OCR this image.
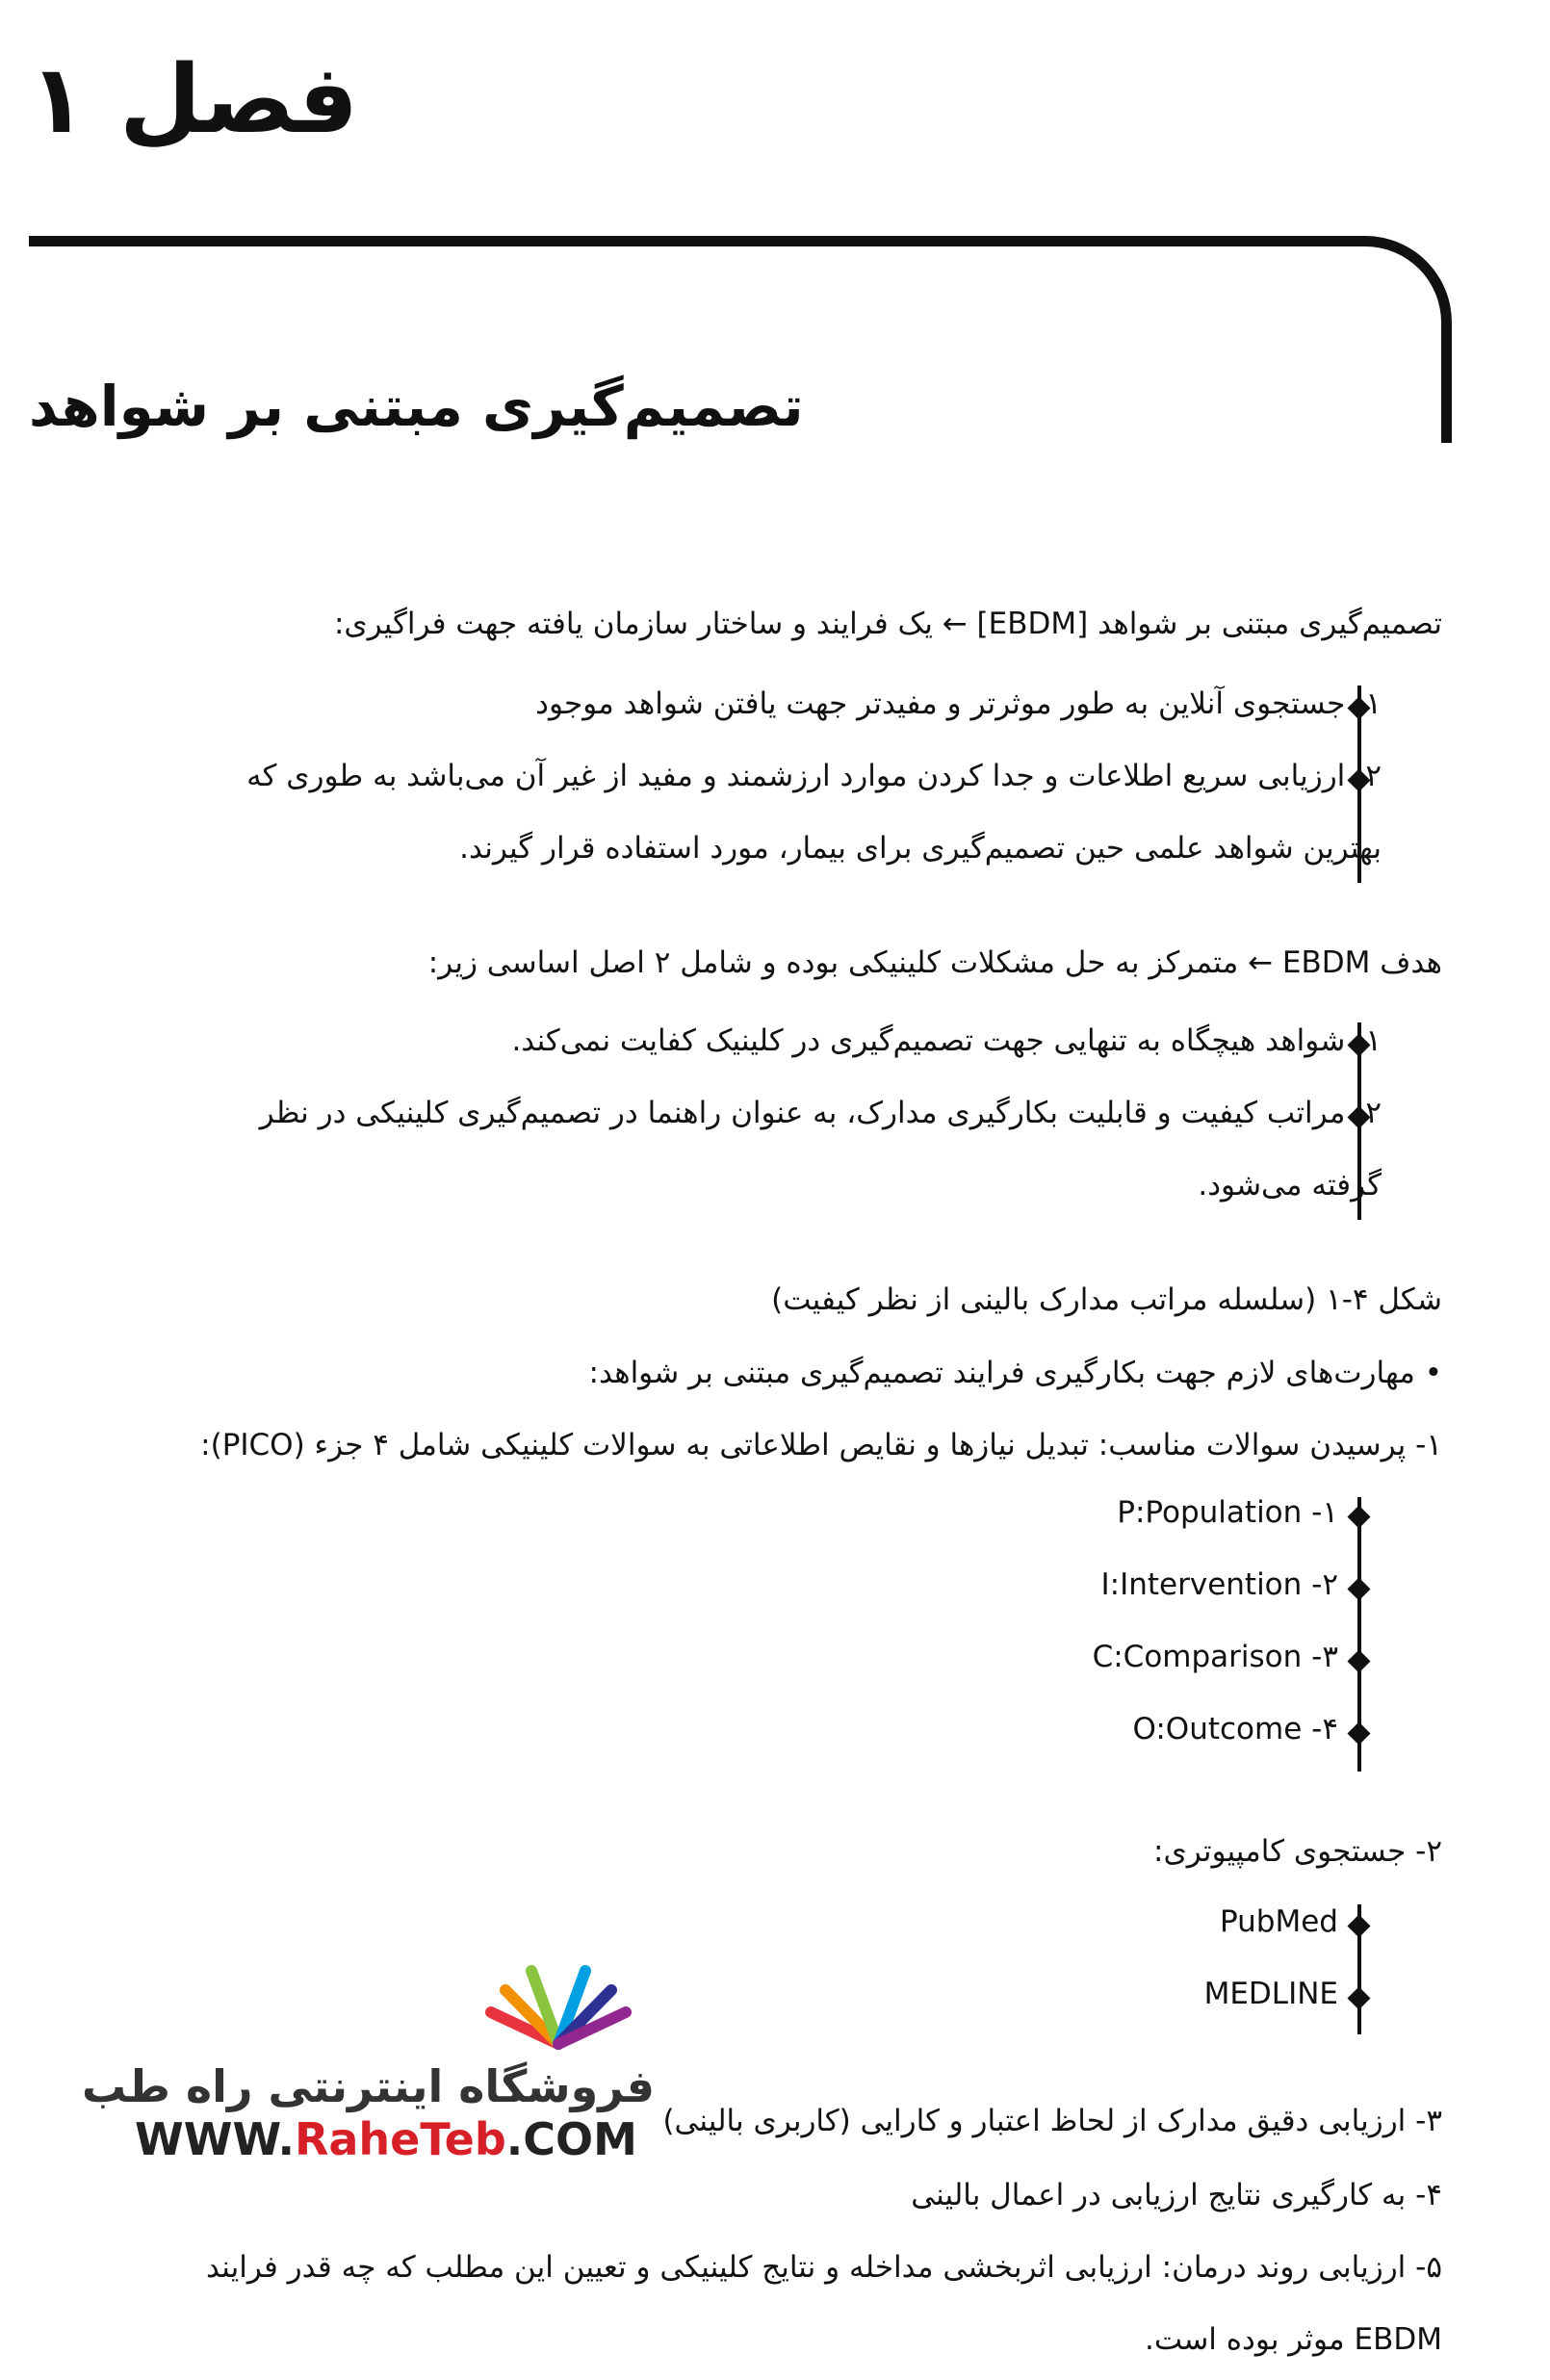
فصل ۱
تصمیم‌گیری مبتنی بر شواهد
تصمیم‌گیری مبتنی بر شواهد [EBDM] ← یک فرایند و ساختار سازمان یافته جهت فراگیری:
۱- جستجوی آنلاین به طور موثرتر و مفیدتر جهت یافتن شواهد موجود
۲- ارزیابی سریع اطلاعات و جدا کردن موارد ارزشمند و مفید از غیر آن می‌باشد به طوری که
بهترین شواهد علمی حین تصمیم‌گیری برای بیمار، مورد استفاده قرار گیرند.
هدف EBDM ← متمرکز به حل مشکلات کلینیکی بوده و شامل ۲ اصل اساسی زیر:
۱- شواهد هیچگاه به تنهایی جهت تصمیم‌گیری در کلینیک کفایت نمی‌کند.
۲- مراتب کیفیت و قابلیت بکارگیری مدارک، به عنوان راهنما در تصمیم‌گیری کلینیکی در نظر
گرفته می‌شود.
شکل ۴-۱ (سلسله مراتب مدارک بالینی از نظر کیفیت)
• مهارت‌های لازم جهت بکارگیری فرایند تصمیم‌گیری مبتنی بر شواهد:
۱- پرسیدن سوالات مناسب: تبدیل نیازها و نقایص اطلاعاتی به سوالات کلینیکی شامل ۴ جزء (PICO):
۱- P:Population
۲- I:Intervention
۳- C:Comparison
۴- O:Outcome
۲- جستجوی کامپیوتری:
PubMed
MEDLINE
فروشگاه اینترنتی راه طب
WWW.RaheTeb.COM ۳- ارزیابی دقیق مدارک از لحاظ اعتبار و کارایی (کاربری بالینی)
۴- به کارگیری نتایج ارزیابی در اعمال بالینی
۵- ارزیابی روند درمان: ارزیابی اثربخشی مداخله و نتایج کلینیکی و تعیین این مطلب که چه قدر فرایند
EBDM موثر بوده است.
